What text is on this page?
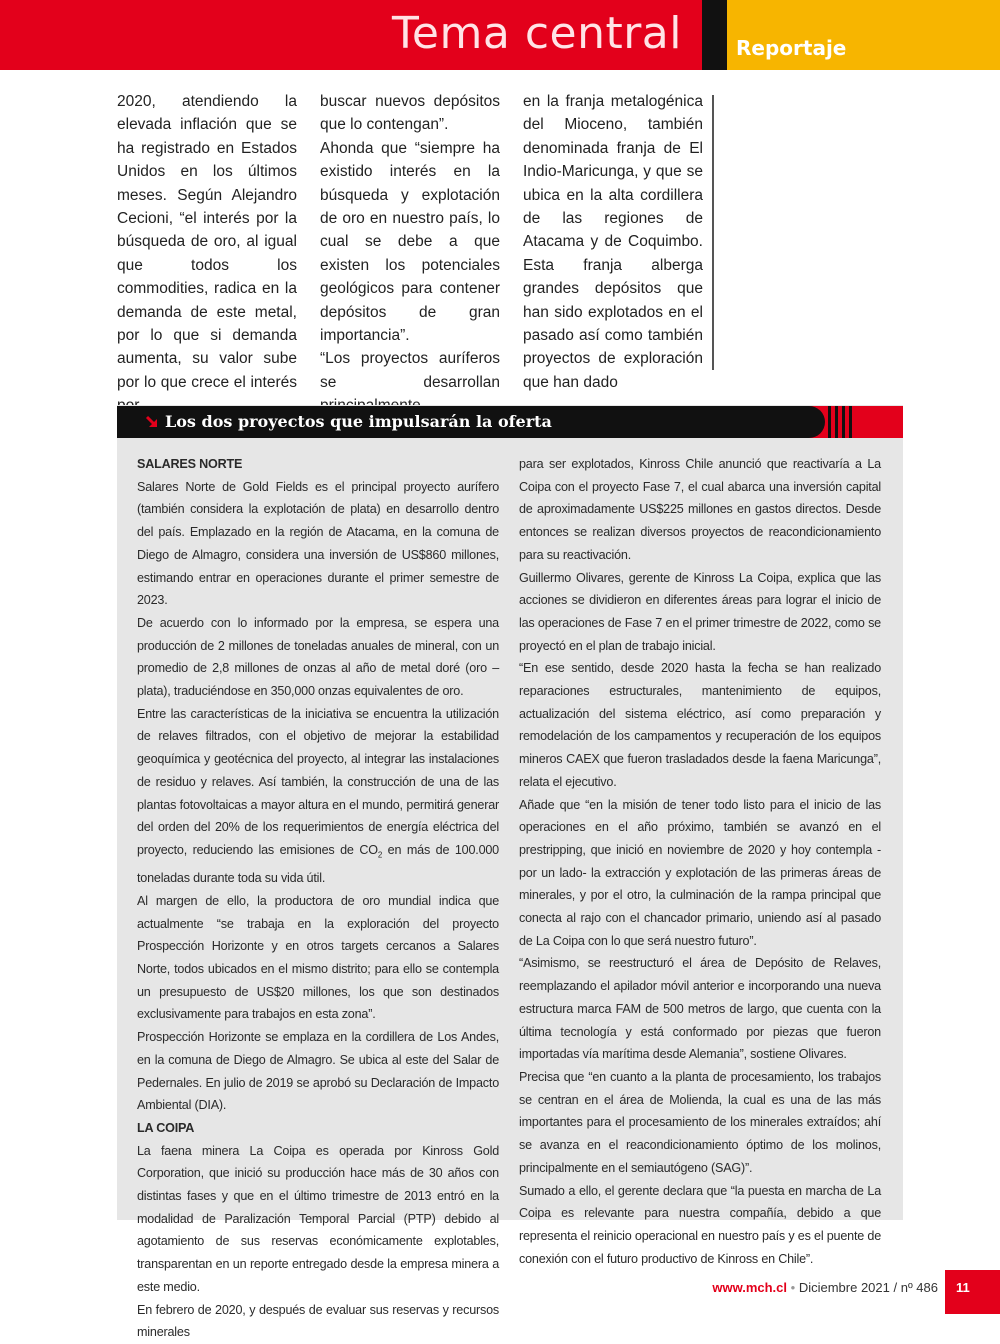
Tema central	Reportaje

2020, atendiendo la elevada inflación que se ha registrado en Estados Unidos en los últimos meses. Según Alejandro Cecioni, “el interés por la búsqueda de oro, al igual que todos los commodities, radica en la demanda de este metal, por lo que si demanda aumenta, su valor sube por lo que crece el interés

buscar nuevos depósitos que lo contengan”.

Ahonda que “siempre ha existido interés en la búsqueda y explotación de oro en nuestro país, lo cual se debe a que existen los potenciales geológicos para contener depósitos de gran importancia”.

“Los proyectos auríferos se desarrollan

en la franja metalogénica del Mioceno, también denominada franja de El Indio-Maricunga, y que se ubica en la alta cordillera de las regiones de Atacama y de Coquimbo. Esta franja alberga grandes depósitos que han sido explotados en el pasado así como también proyectos de exploración que han dado

Los dos proyectos que impulsarán la oferta

SALARES NORTE

Salares Norte de Gold Fields es el principal proyecto aurífero (también considera la explotación de plata) en desarrollo dentro del país. Emplazado en la región de Atacama, en la comuna de Diego de Almagro, considera una inversión de US$860 millones, estimando entrar en operaciones durante el primer semestre de 2023.

De acuerdo con lo informado por la empresa, se espera una producción de 2 millones de toneladas anuales de mineral, con un promedio de 2,8 millones de onzas al año de metal doré (oro – plata), traduciéndose en 350,000 onzas equivalentes de oro.

Entre las características de la iniciativa se encuentra la utilización de relaves filtrados, con el objetivo de mejorar la estabilidad geoquímica y geotécnica del proyecto, al integrar las instalaciones de residuo y relaves. Así también, la construcción de una de las plantas fotovoltaicas a mayor altura en el mundo, permitirá generar del orden del 20% de los requerimientos de energía eléctrica del proyecto, reduciendo las emisiones de $CO_2$ en más de 100.000 toneladas durante toda su vida útil.

Al margen de ello, la productora de oro mundial indica que actualmente “se trabaja en la exploración del proyecto Prospección Horizonte y en otros targets cercanos a Salares Norte, todos ubicados en el mismo distrito; para ello se contempla un presupuesto de US$20 millones, los que son destinados exclusivamente para trabajos en esta zona”.

Prospección Horizonte se emplaza en la cordillera de Los Andes, en la comuna de Diego de Almagro. Se ubica al este del Salar de Pedernales. En julio de 2019 se aprobó su Declaración de Impacto Ambiental (DIA).

LA COIPA

La faena minera La Coipa es operada por Kinross Gold Corporation, que inició su producción hace más de 30 años con distintas fases y que en el último trimestre de 2013 entró en la modalidad de Paralización Temporal Parcial (PTP) debido al agotamiento de sus reservas económicamente explotables, transparentan en un reporte entregado desde la empresa minera a este medio.

En febrero de 2020, y después de evaluar sus reservas y recursos minerales

para ser explotados, Kinross Chile anunció que reactivaría a La Coipa con el proyecto Fase 7, el cual abarca una inversión capital de aproximadamente US$225 millones en gastos directos. Desde entonces se realizan diversos proyectos de reacondicionamiento para su reactivación.

Guillermo Olivares, gerente de Kinross La Coipa, explica que las acciones se dividieron en diferentes áreas para lograr el inicio de las operaciones de Fase 7 en el primer trimestre de 2022, como se proyectó en el plan de trabajo inicial.

“En ese sentido, desde 2020 hasta la fecha se han realizado reparaciones estructurales, mantenimiento de equipos, actualización del sistema eléctrico, así como preparación y remodelación de los campamentos y recuperación de los equipos mineros CAEX que fueron trasladados desde la faena Maricunga”, relata el ejecutivo.

Añade que “en la misión de tener todo listo para el inicio de las operaciones en el año próximo, también se avanzó en el prestripping, que inició en noviembre de 2020 y hoy contempla -por un lado- la extracción y explotación de las primeras áreas de minerales, y por el otro, la culminación de la rampa principal que conecta al rajo con el chancador primario, uniendo así al pasado de La Coipa con lo que será nuestro futuro”.

“Asimismo, se reestructuró el área de Depósito de Relaves, reemplazando el apilador móvil anterior e incorporando una nueva estructura marca FAM de 500 metros de largo, que cuenta con la última tecnología y está conformado por piezas que fueron importadas vía marítima desde Alemania”, sostiene Olivares.

Precisa que “en cuanto a la planta de procesamiento, los trabajos se centran en el área de Molienda, la cual es una de las más importantes para el procesamiento de los minerales extraídos; ahí se avanza en el reacondicionamiento óptimo de los molinos, principalmente en el semiautógeno (SAG)”.

Sumado a ello, el gerente declara que “la puesta en marcha de La Coipa es relevante para nuestra compañía, debido a que representa el reinicio operacional en nuestro país y es el puente de conexión con el futuro productivo de Kinross en Chile”.

www.mch.cl • Diciembre 2021 / nº 486 11
